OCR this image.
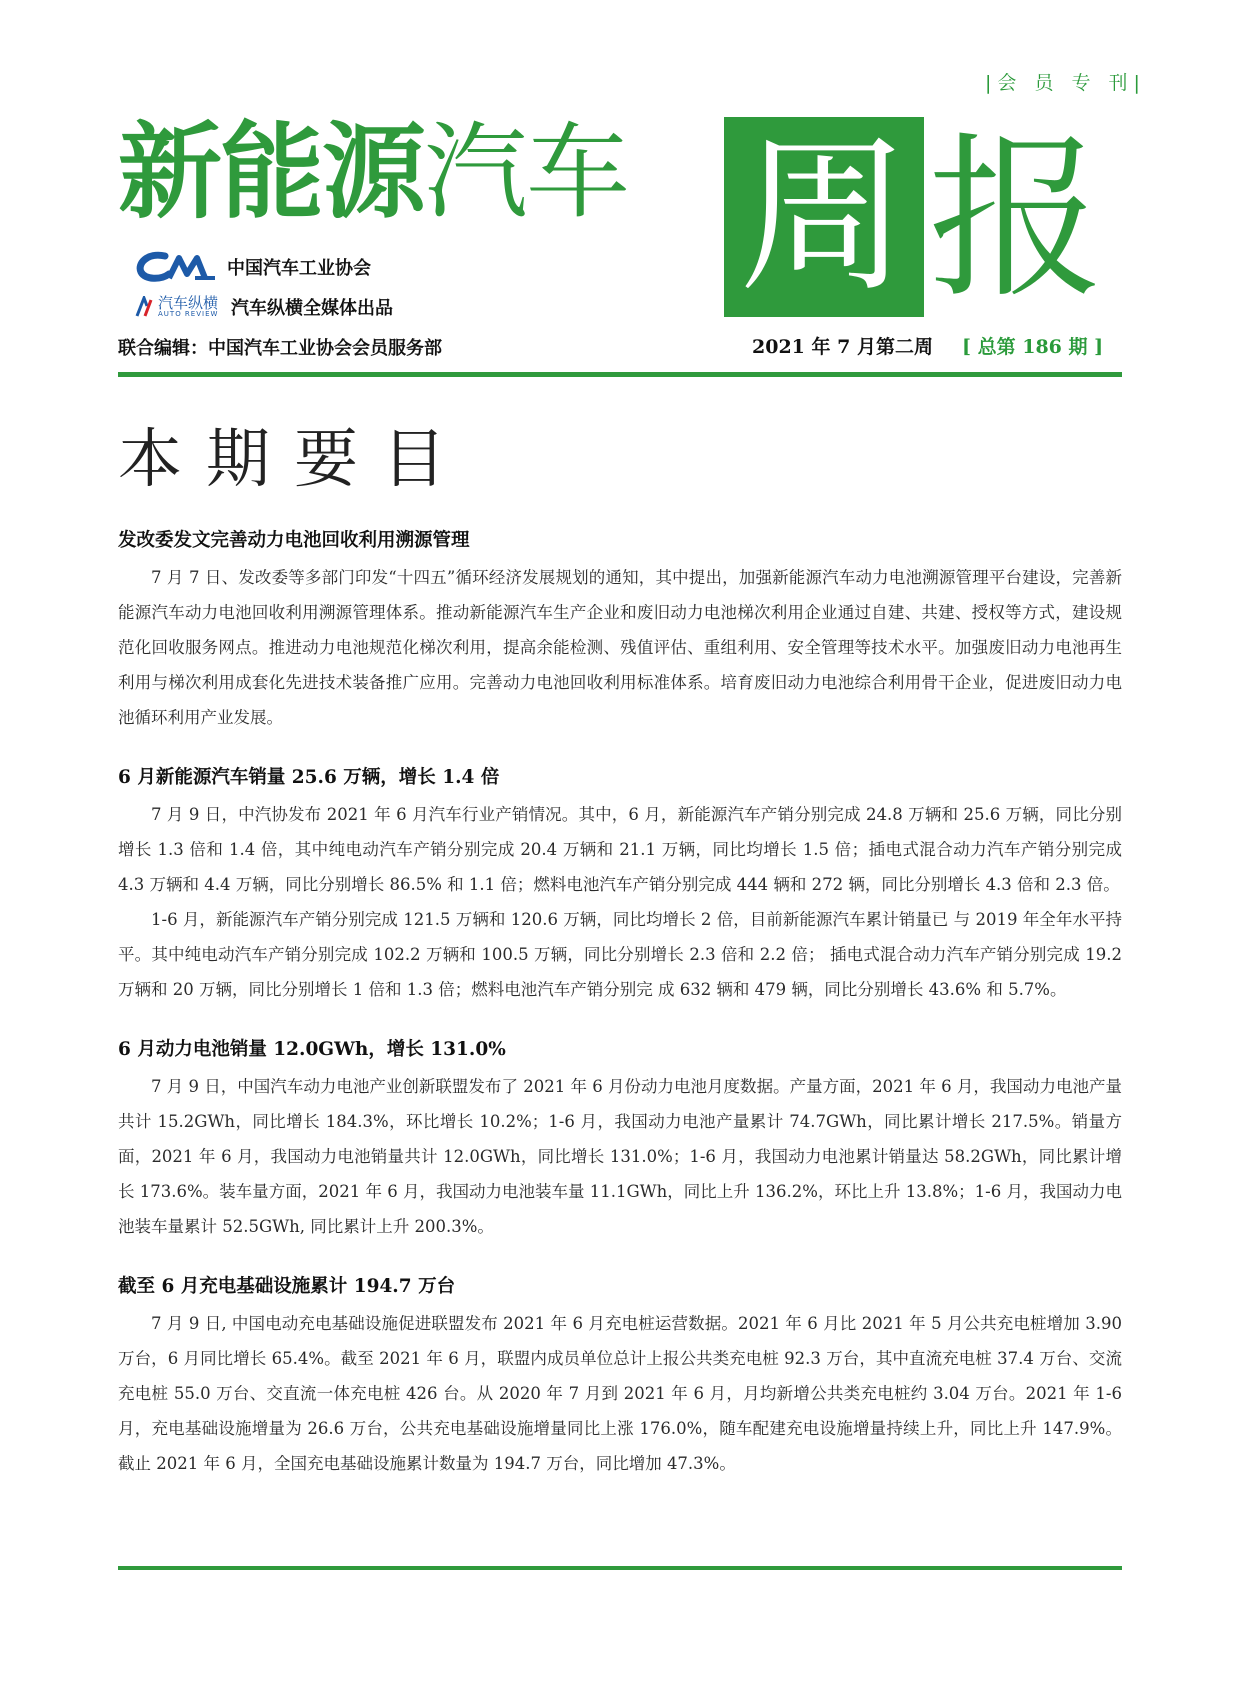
|会 员 专 刊|
新能源汽车 周 报
中国汽车工业协会
汽车纵横
AUTO REVIEW 汽车纵横全媒体出品
联合编辑：中国汽车工业协会会员服务部	2021 年 7 月第二周 [ 总第 186 期 ]
本期要目
发改委发文完善动力电池回收利用溯源管理

7 月 7 日、发改委等多部门印发“十四五”循环经济发展规划的通知，其中提出，加强新能源汽车动力电池溯源管理平台建设，完善新能源汽车动力电池回收利用溯源管理体系。推动新能源汽车生产企业和废旧动力电池梯次利用企业通过自建、共建、授权等方式，建设规范化回收服务网点。推进动力电池规范化梯次利用，提高余能检测、残值评估、重组利用、安全管理等技术水平。加强废旧动力电池再生利用与梯次利用成套化先进技术装备推广应用。完善动力电池回收利用标准体系。培育废旧动力电池综合利用骨干企业，促进废旧动力电池循环利用产业发展。

6 月新能源汽车销量 25.6 万辆，增长 1.4 倍

7 月 9 日，中汽协发布 2021 年 6 月汽车行业产销情况。其中，6 月，新能源汽车产销分别完成 24.8 万辆和 25.6 万辆，同比分别增长 1.3 倍和 1.4 倍，其中纯电动汽车产销分别完成 20.4 万辆和 21.1 万辆，同比均增长 1.5 倍；插电式混合动力汽车产销分别完成 4.3 万辆和 4.4 万辆，同比分别增长 86.5% 和 1.1 倍；燃料电池汽车产销分别完成 444 辆和 272 辆，同比分别增长 4.3 倍和 2.3 倍。

1-6 月，新能源汽车产销分别完成 121.5 万辆和 120.6 万辆，同比均增长 2 倍，目前新能源汽车累计销量已 与 2019 年全年水平持平。其中纯电动汽车产销分别完成 102.2 万辆和 100.5 万辆，同比分别增长 2.3 倍和 2.2 倍； 插电式混合动力汽车产销分别完成 19.2 万辆和 20 万辆，同比分别增长 1 倍和 1.3 倍；燃料电池汽车产销分别完 成 632 辆和 479 辆，同比分别增长 43.6% 和 5.7%。

6 月动力电池销量 12.0GWh，增长 131.0%

7 月 9 日，中国汽车动力电池产业创新联盟发布了 2021 年 6 月份动力电池月度数据。产量方面，2021 年 6 月，我国动力电池产量共计 15.2GWh，同比增长 184.3%，环比增长 10.2%；1-6 月，我国动力电池产量累计 74.7GWh，同比累计增长 217.5%。销量方面，2021 年 6 月，我国动力电池销量共计 12.0GWh，同比增长 131.0%；1-6 月，我国动力电池累计销量达 58.2GWh，同比累计增长 173.6%。装车量方面，2021 年 6 月，我国动力电池装车量 11.1GWh，同比上升 136.2%，环比上升 13.8%；1-6 月，我国动力电池装车量累计 52.5GWh, 同比累计上升 200.3%。

截至 6 月充电基础设施累计 194.7 万台

7 月 9 日, 中国电动充电基础设施促进联盟发布 2021 年 6 月充电桩运营数据。2021 年 6 月比 2021 年 5 月公共充电桩增加 3.90 万台，6 月同比增长 65.4%。截至 2021 年 6 月，联盟内成员单位总计上报公共类充电桩 92.3 万台，其中直流充电桩 37.4 万台、交流充电桩 55.0 万台、交直流一体充电桩 426 台。从 2020 年 7 月到 2021 年 6 月，月均新增公共类充电桩约 3.04 万台。2021 年 1-6 月，充电基础设施增量为 26.6 万台，公共充电基础设施增量同比上涨 176.0%，随车配建充电设施增量持续上升，同比上升 147.9%。截止 2021 年 6 月，全国充电基础设施累计数量为 194.7 万台，同比增加 47.3%。
